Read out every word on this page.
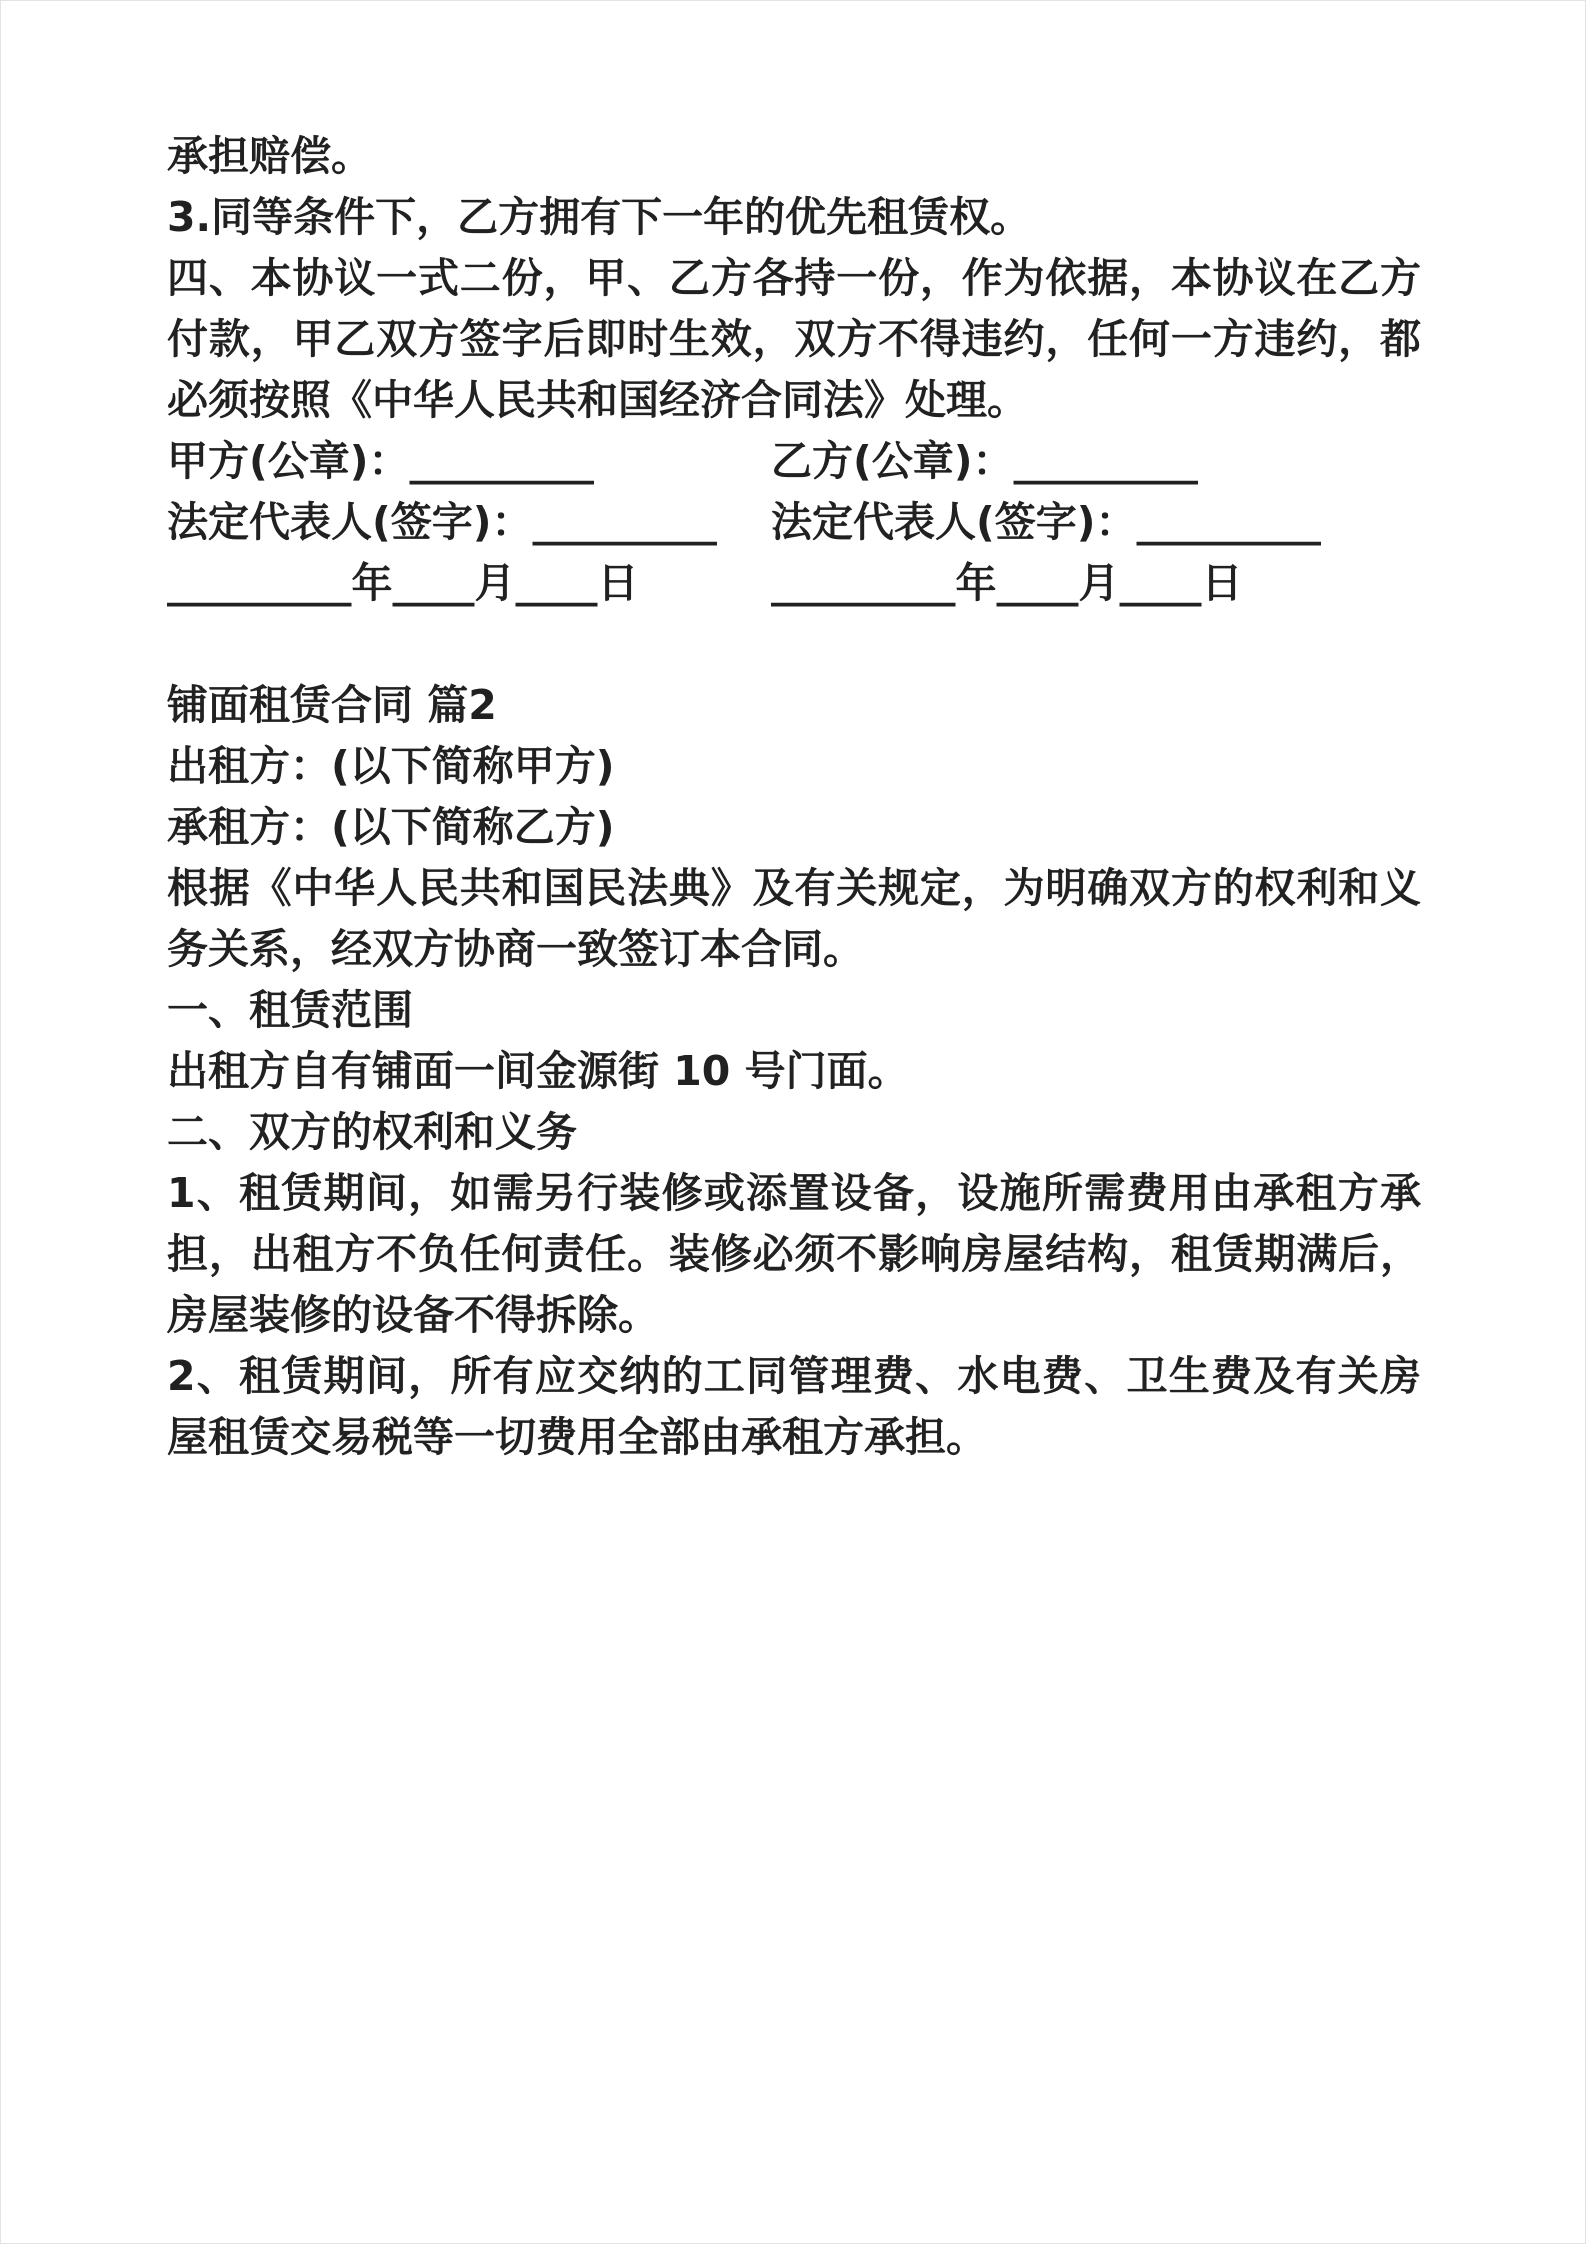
承担赔偿。

3.同等条件下，乙方拥有下一年的优先租赁权。

四、本协议一式二份，甲、乙方各持一份，作为依据，本协议在乙方付款，甲乙双方签字后即时生效，双方不得违约，任何一方违约，都必须按照《中华人民共和国经济合同法》处理。

甲方(公章)：_________	乙方(公章)：_________
法定代表人(签字)：_________	法定代表人(签字)：_________
_________年____月____日	_________年____月____日

铺面租赁合同 篇2

出租方：(以下简称甲方)

承租方：(以下简称乙方)

根据《中华人民共和国民法典》及有关规定，为明确双方的权利和义务关系，经双方协商一致签订本合同。

一、租赁范围

出租方自有铺面一间金源街 10 号门面。

二、双方的权利和义务

1、租赁期间，如需另行装修或添置设备，设施所需费用由承租方承担，出租方不负任何责任。装修必须不影响房屋结构，租赁期满后，房屋装修的设备不得拆除。

2、租赁期间，所有应交纳的工同管理费、水电费、卫生费及有关房屋租赁交易税等一切费用全部由承租方承担。
